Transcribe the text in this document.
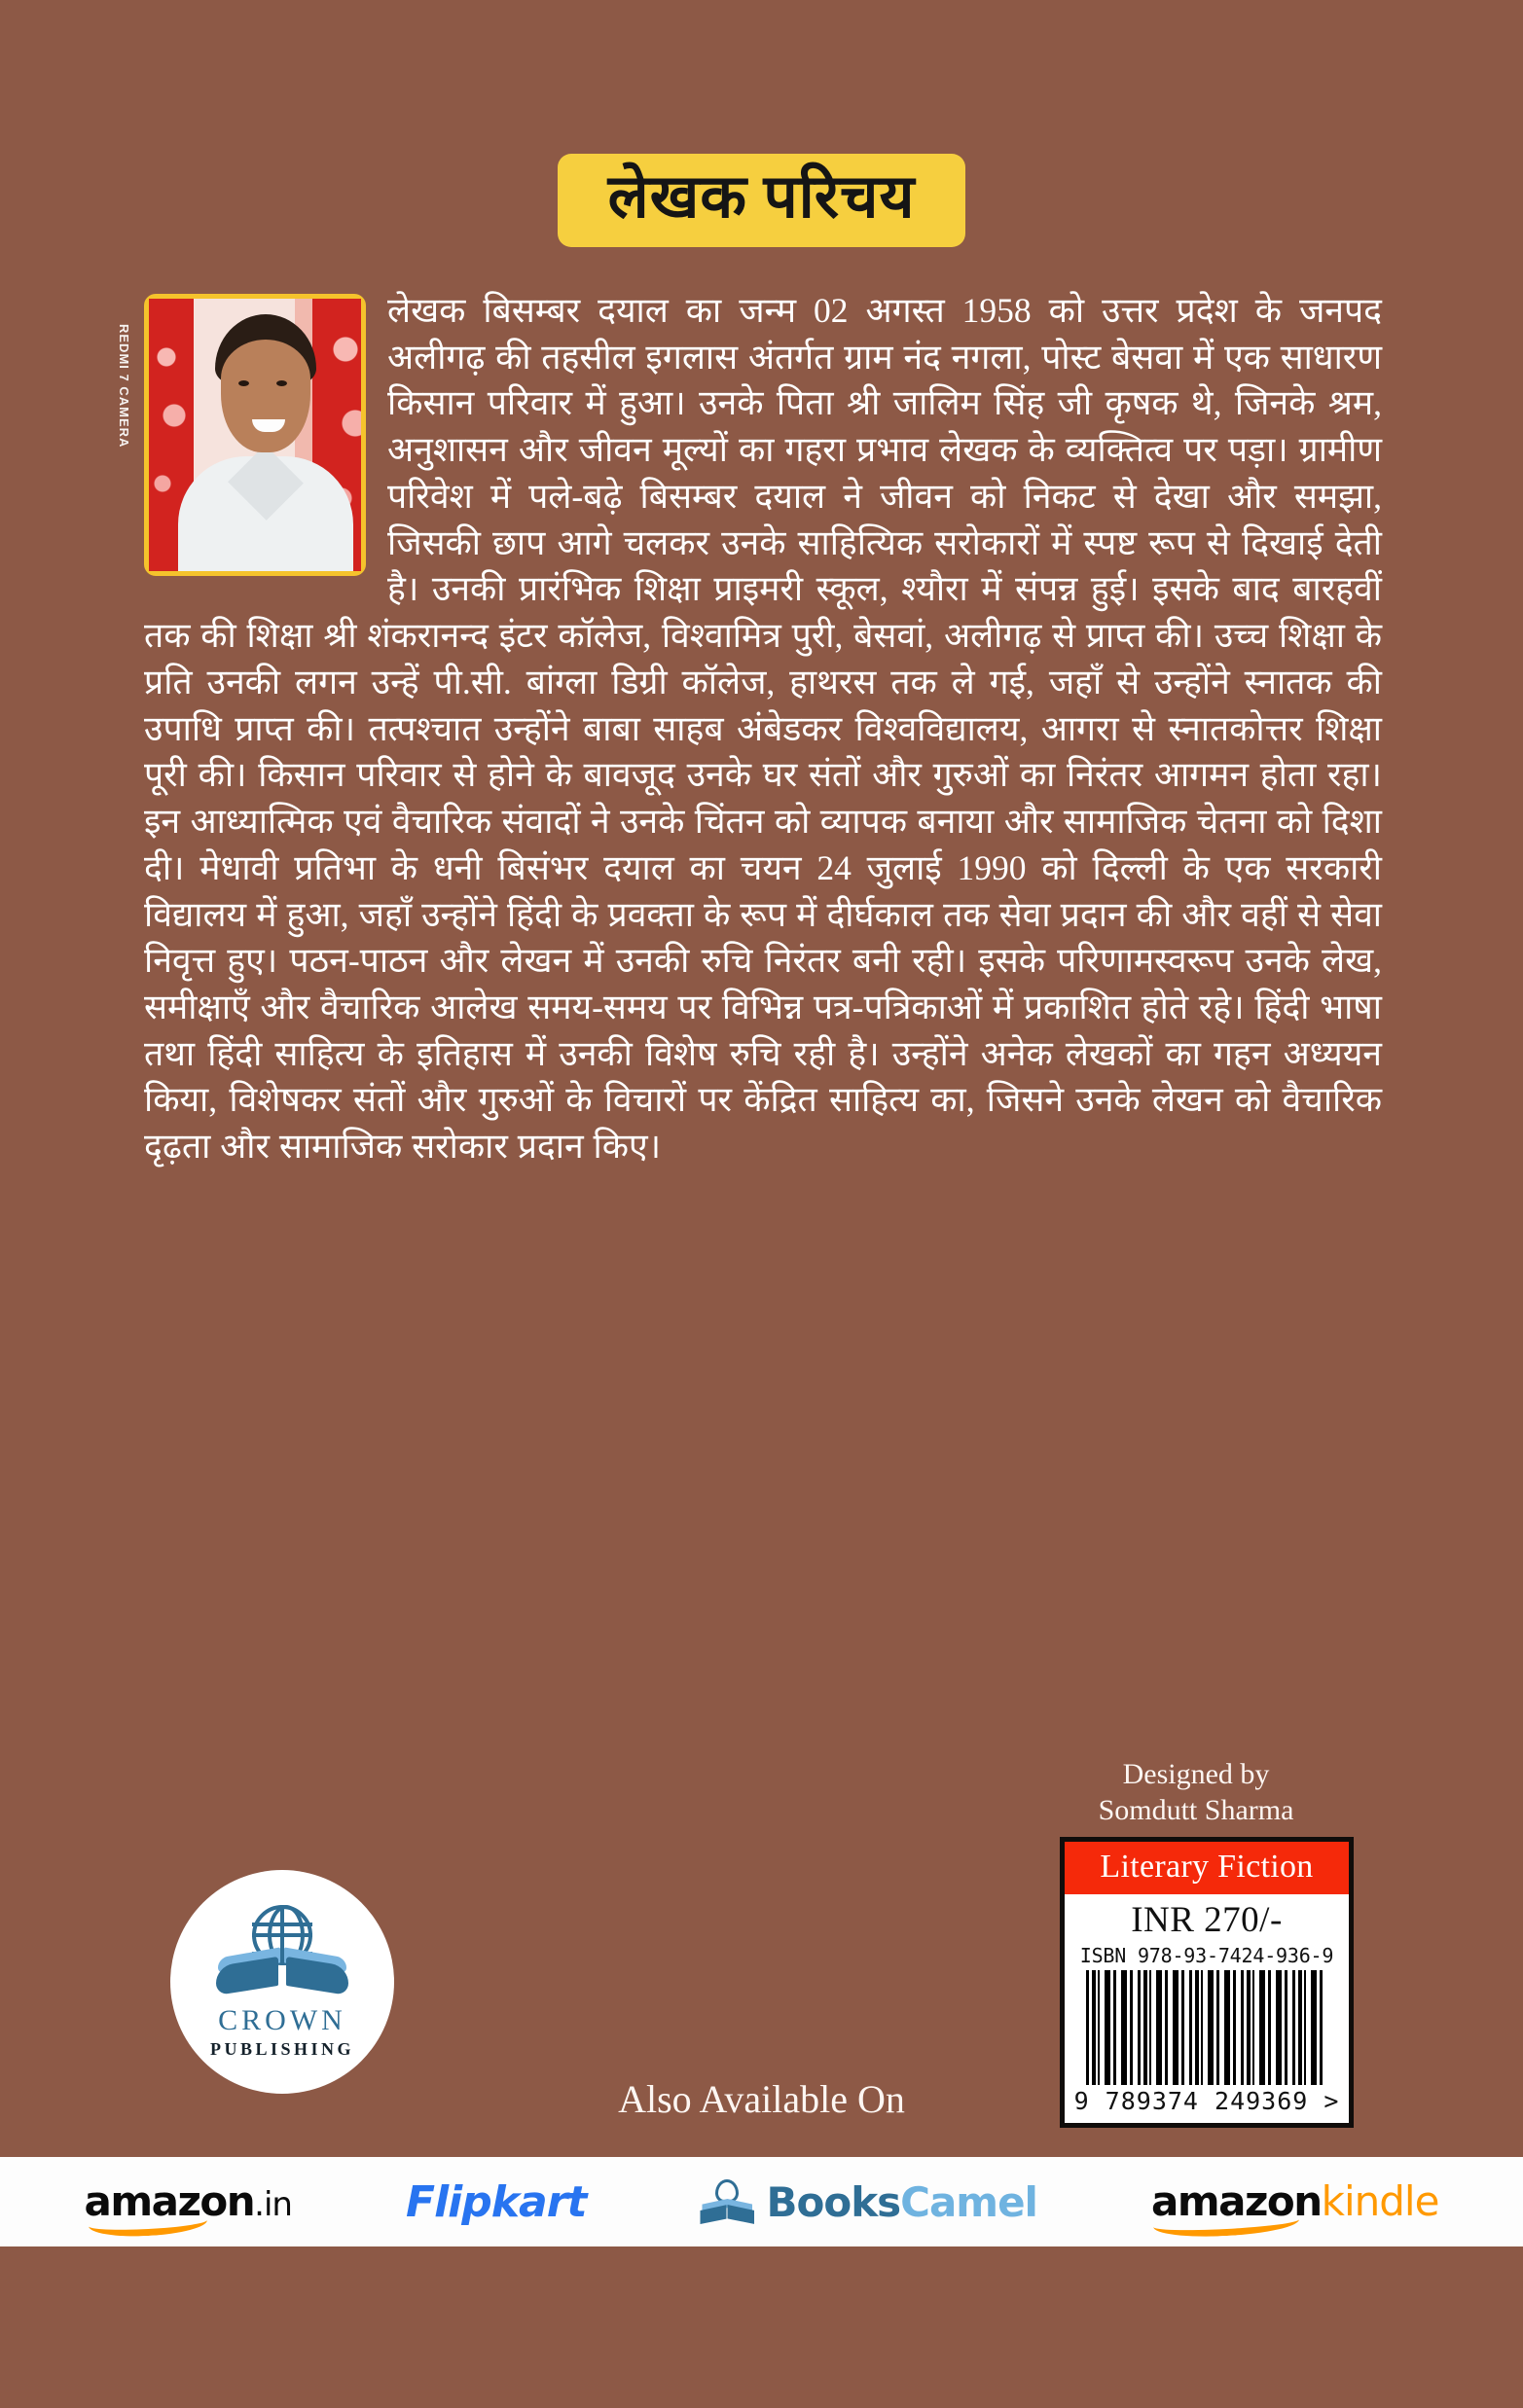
लेखक परिचय
REDMI 7 CAMERA

लेखक बिसम्बर दयाल का जन्म 02 अगस्त 1958 को उत्तर प्रदेश के जनपद अलीगढ़ की तहसील इगलास अंतर्गत ग्राम नंद नगला, पोस्ट बेसवा में एक साधारण किसान परिवार में हुआ। उनके पिता श्री जालिम सिंह जी कृषक थे, जिनके श्रम, अनुशासन और जीवन मूल्यों का गहरा प्रभाव लेखक के व्यक्तित्व पर पड़ा। ग्रामीण परिवेश में पले-बढ़े बिसम्बर दयाल ने जीवन को निकट से देखा और समझा, जिसकी छाप आगे चलकर उनके साहित्यिक सरोकारों में स्पष्ट रूप से दिखाई देती है। उनकी प्रारंभिक शिक्षा प्राइमरी स्कूल, श्यौरा में संपन्न हुई। इसके बाद बारहवीं तक की शिक्षा श्री शंकरानन्द इंटर कॉलेज, विश्वामित्र पुरी, बेसवां, अलीगढ़ से प्राप्त की। उच्च शिक्षा के प्रति उनकी लगन उन्हें पी.सी. बांग्ला डिग्री कॉलेज, हाथरस तक ले गई, जहाँ से उन्होंने स्नातक की उपाधि प्राप्त की। तत्पश्चात उन्होंने बाबा साहब अंबेडकर विश्वविद्यालय, आगरा से स्नातकोत्तर शिक्षा पूरी की। किसान परिवार से होने के बावजूद उनके घर संतों और गुरुओं का निरंतर आगमन होता रहा। इन आध्यात्मिक एवं वैचारिक संवादों ने उनके चिंतन को व्यापक बनाया और सामाजिक चेतना को दिशा दी। मेधावी प्रतिभा के धनी बिसंभर दयाल का चयन 24 जुलाई 1990 को दिल्ली के एक सरकारी विद्यालय में हुआ, जहाँ उन्होंने हिंदी के प्रवक्ता के रूप में दीर्घकाल तक सेवा प्रदान की और वहीं से सेवा निवृत्त हुए। पठन-पाठन और लेखन में उनकी रुचि निरंतर बनी रही। इसके परिणामस्वरूप उनके लेख, समीक्षाएँ और वैचारिक आलेख समय-समय पर विभिन्न पत्र-पत्रिकाओं में प्रकाशित होते रहे। हिंदी भाषा तथा हिंदी साहित्य के इतिहास में उनकी विशेष रुचि रही है। उन्होंने अनेक लेखकों का गहन अध्ययन किया, विशेषकर संतों और गुरुओं के विचारों पर केंद्रित साहित्य का, जिसने उनके लेखन को वैचारिक दृढ़ता और सामाजिक सरोकार प्रदान किए।

Designed by
Somdutt Sharma
Literary Fiction
INR 270/-
ISBN 978-93-7424-936-9
9 789374 249369 >
CROWN
PUBLISHING
Also Available On
amazon.in	Flipkart	BooksCamel	amazonkindle
